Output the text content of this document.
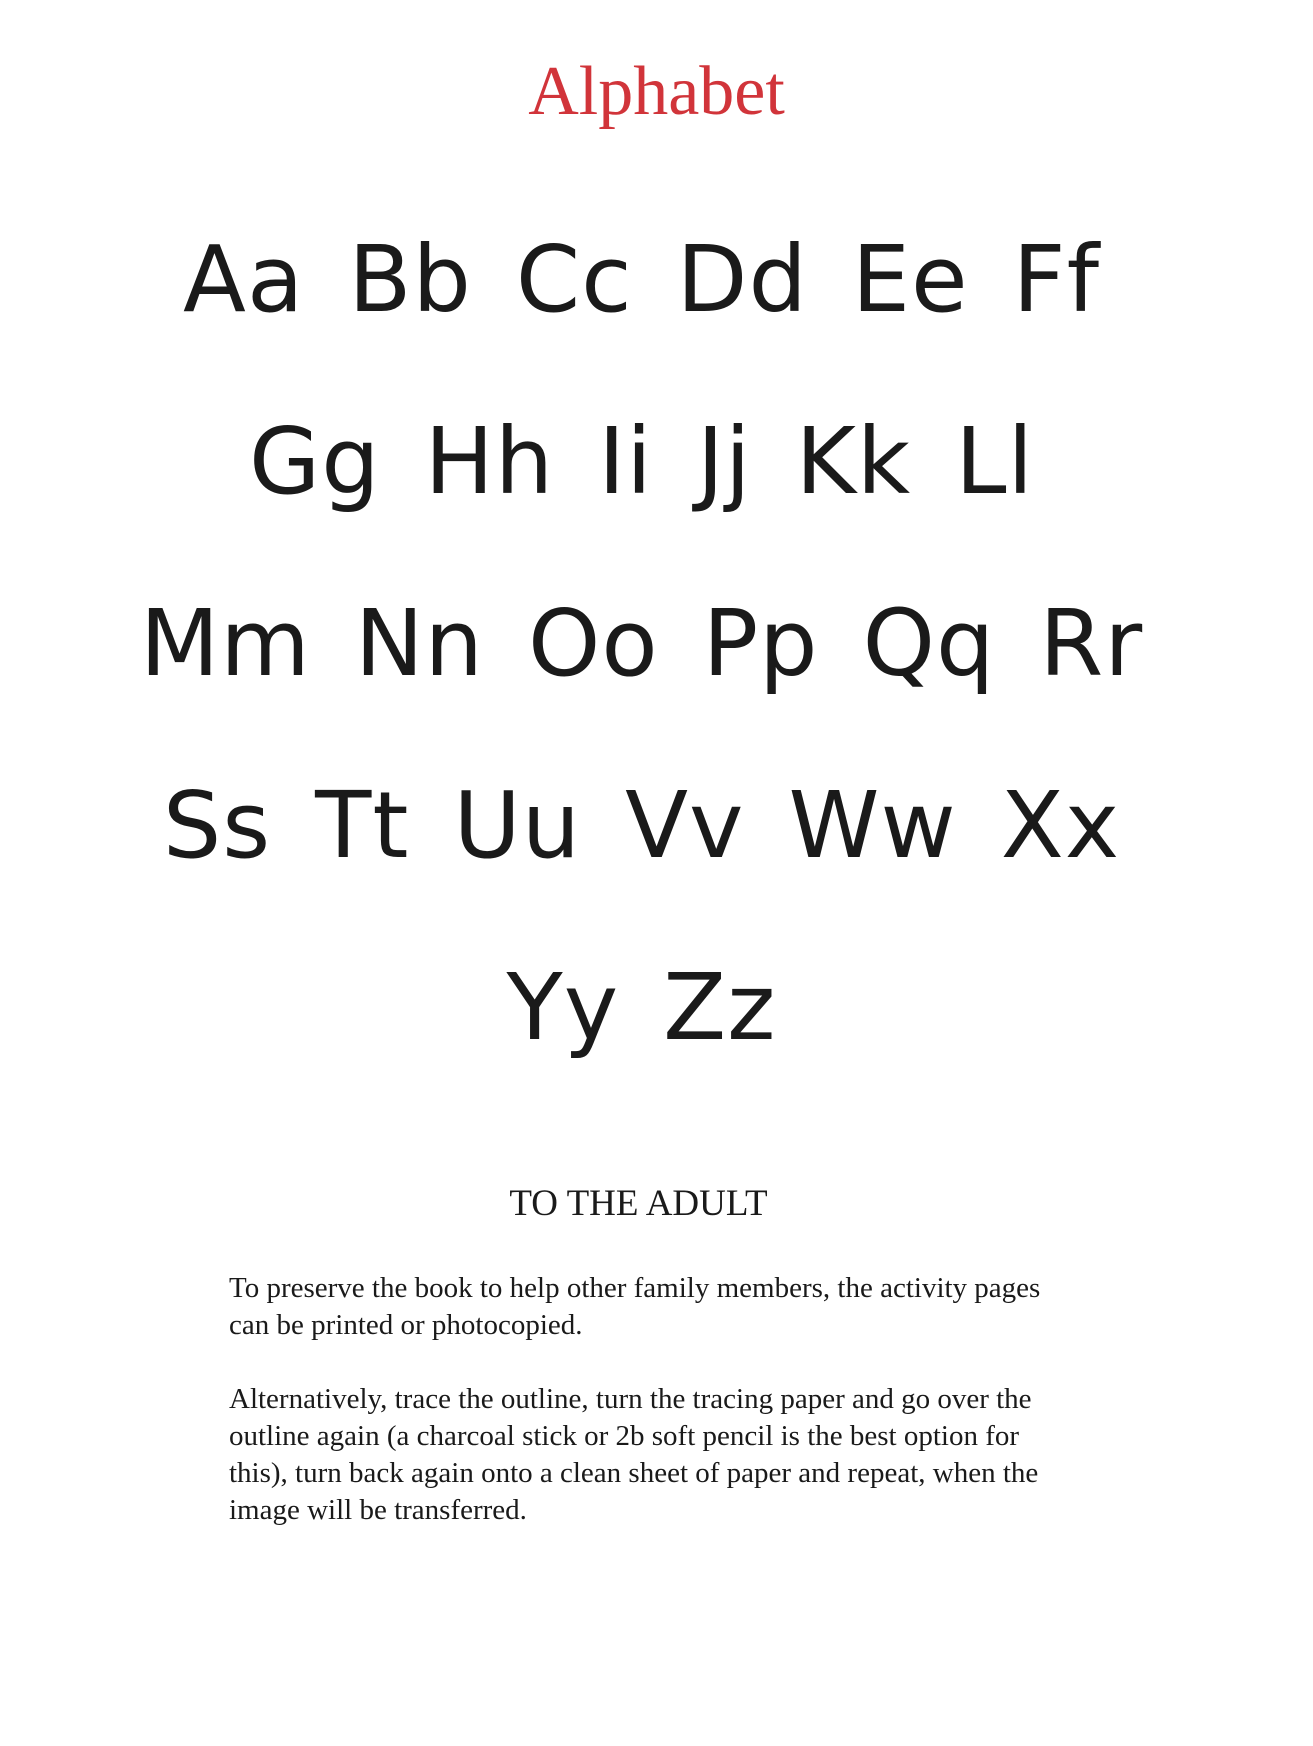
Alphabet
Aa Bb Cc Dd Ee Ff
Gg Hh Ii Jj Kk Ll
Mm Nn Oo Pp Qq Rr
Ss Tt Uu Vv Ww Xx
Yy Zz
TO THE ADULT

To preserve the book to help other family members, the activity pages can be printed or photocopied.

Alternatively, trace the outline, turn the tracing paper and go over the outline again (a charcoal stick or 2b soft pencil is the best option for this), turn back again onto a clean sheet of paper and repeat, when the image will be transferred.
